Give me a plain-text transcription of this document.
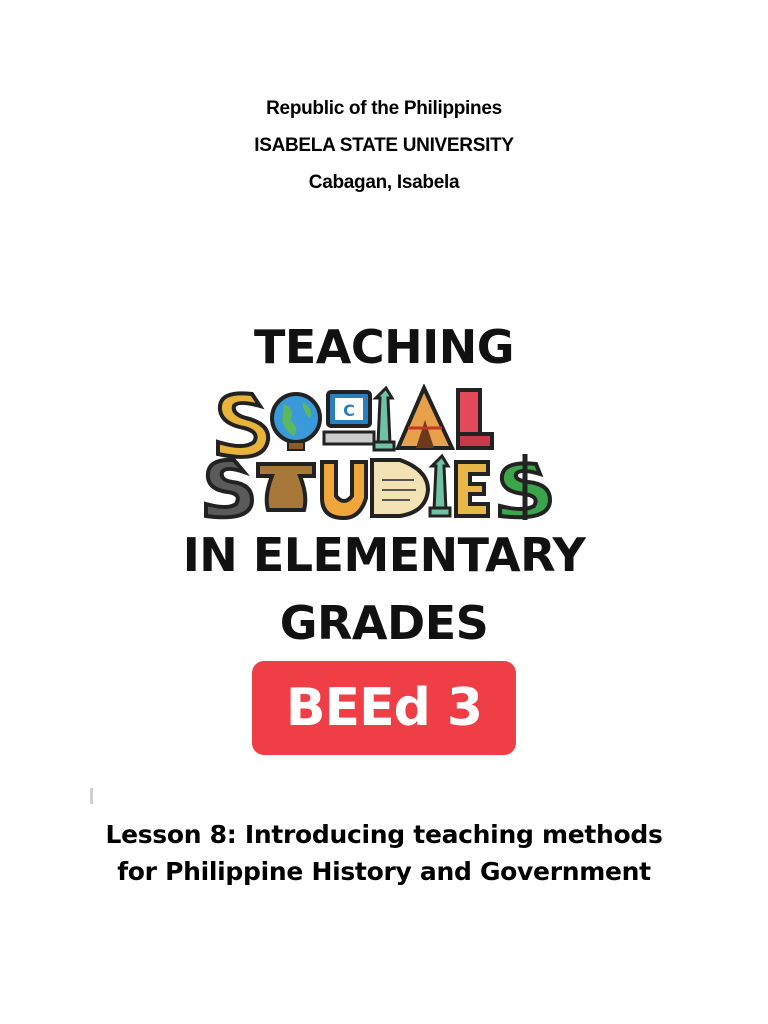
Republic of the Philippines
ISABELA STATE UNIVERSITY
Cabagan, Isabela
TEACHING
C
IN ELEMENTARY
GRADES
BEEd 3
Lesson 8: Introducing teaching methods
for Philippine History and Government
